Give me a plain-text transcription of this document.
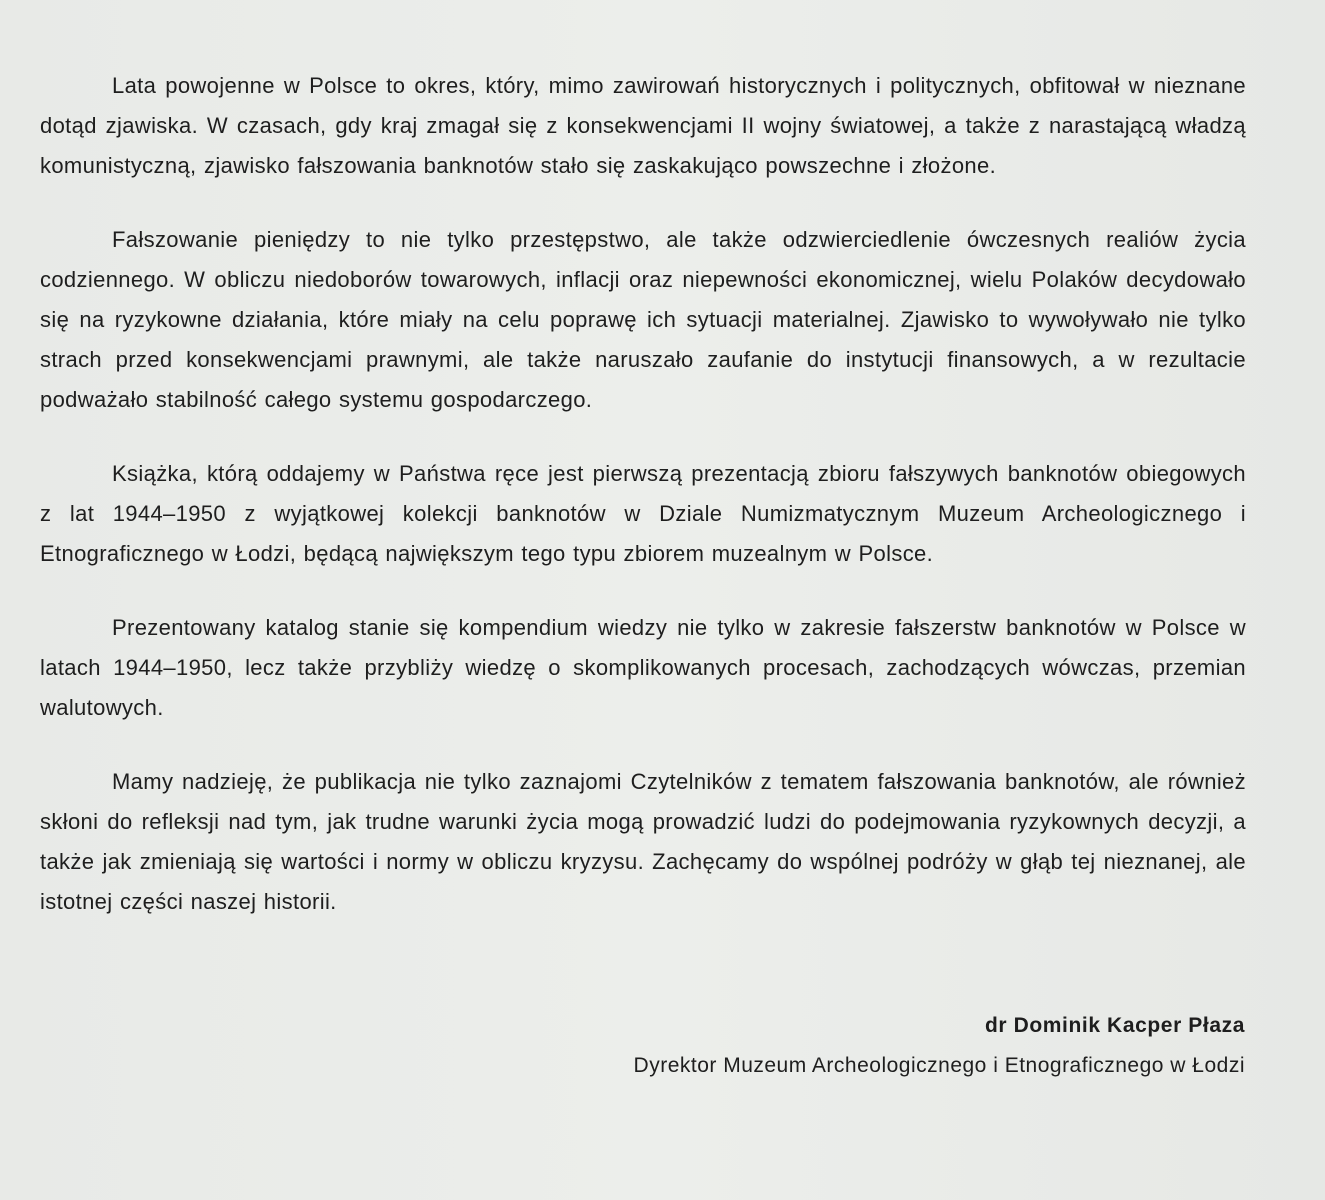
Lata powojenne w Polsce to okres, który, mimo zawirowań historycznych i politycznych, obfitował w nieznane dotąd zjawiska. W czasach, gdy kraj zmagał się z konsekwencjami II wojny światowej, a także z narastającą władzą komunistyczną, zjawisko fałszowania banknotów stało się zaskakująco powszechne i złożone.

Fałszowanie pieniędzy to nie tylko przestępstwo, ale także odzwierciedlenie ówczesnych realiów życia codziennego. W obliczu niedoborów towarowych, inflacji oraz niepewności ekonomicznej, wielu Polaków decydowało się na ryzykowne działania, które miały na celu poprawę ich sytuacji materialnej. Zjawisko to wywoływało nie tylko strach przed konsekwencjami prawnymi, ale także naruszało zaufanie do instytucji finansowych, a w rezultacie podważało stabilność całego systemu gospodarczego.

Książka, którą oddajemy w Państwa ręce jest pierwszą prezentacją zbioru fałszywych banknotów obiegowych z lat 1944–1950 z wyjątkowej kolekcji banknotów w Dziale Numizmatycznym Muzeum Archeologicznego i Etnograficznego w Łodzi, będącą największym tego typu zbiorem muzealnym w Polsce.

Prezentowany katalog stanie się kompendium wiedzy nie tylko w zakresie fałszerstw banknotów w Polsce w latach 1944–1950, lecz także przybliży wiedzę o skomplikowanych procesach, zachodzących wówczas, przemian walutowych.

Mamy nadzieję, że publikacja nie tylko zaznajomi Czytelników z tematem fałszowania banknotów, ale również skłoni do refleksji nad tym, jak trudne warunki życia mogą prowadzić ludzi do podejmowania ryzykownych decyzji, a także jak zmieniają się wartości i normy w obliczu kryzysu. Zachęcamy do wspólnej podróży w głąb tej nieznanej, ale istotnej części naszej historii.

dr Dominik Kacper Płaza
Dyrektor Muzeum Archeologicznego i Etnograficznego w Łodzi
